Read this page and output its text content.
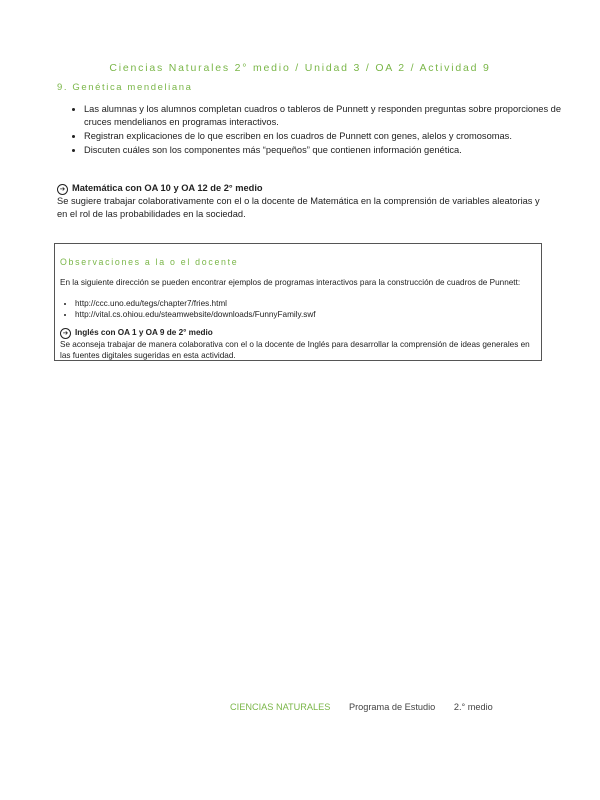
Ciencias Naturales 2° medio / Unidad 3 / OA 2 / Actividad 9
9. Genética mendeliana
• Las alumnas y los alumnos completan cuadros o tableros de Punnett y responden preguntas sobre proporciones de cruces mendelianos en programas interactivos.
• Registran explicaciones de lo que escriben en los cuadros de Punnett con genes, alelos y cromosomas.
• Discuten cuáles son los componentes más “pequeños” que contienen información genética.
➔ Matemática con OA 10 y OA 12 de 2° medio
Se sugiere trabajar colaborativamente con el o la docente de Matemática en la comprensión de variables aleatorias y en el rol de las probabilidades en la sociedad.
Observaciones a la o el docente
En la siguiente dirección se pueden encontrar ejemplos de programas interactivos para la construcción de cuadros de Punnett:
• http://ccc.uno.edu/tegs/chapter7/fries.html
• http://vital.cs.ohiou.edu/steamwebsite/downloads/FunnyFamily.swf
➔ Inglés con OA 1 y OA 9 de 2° medio
Se aconseja trabajar de manera colaborativa con el o la docente de Inglés para desarrollar la comprensión de ideas generales en las fuentes digitales sugeridas en esta actividad.
CIENCIAS NATURALES Programa de Estudio 2.° medio
